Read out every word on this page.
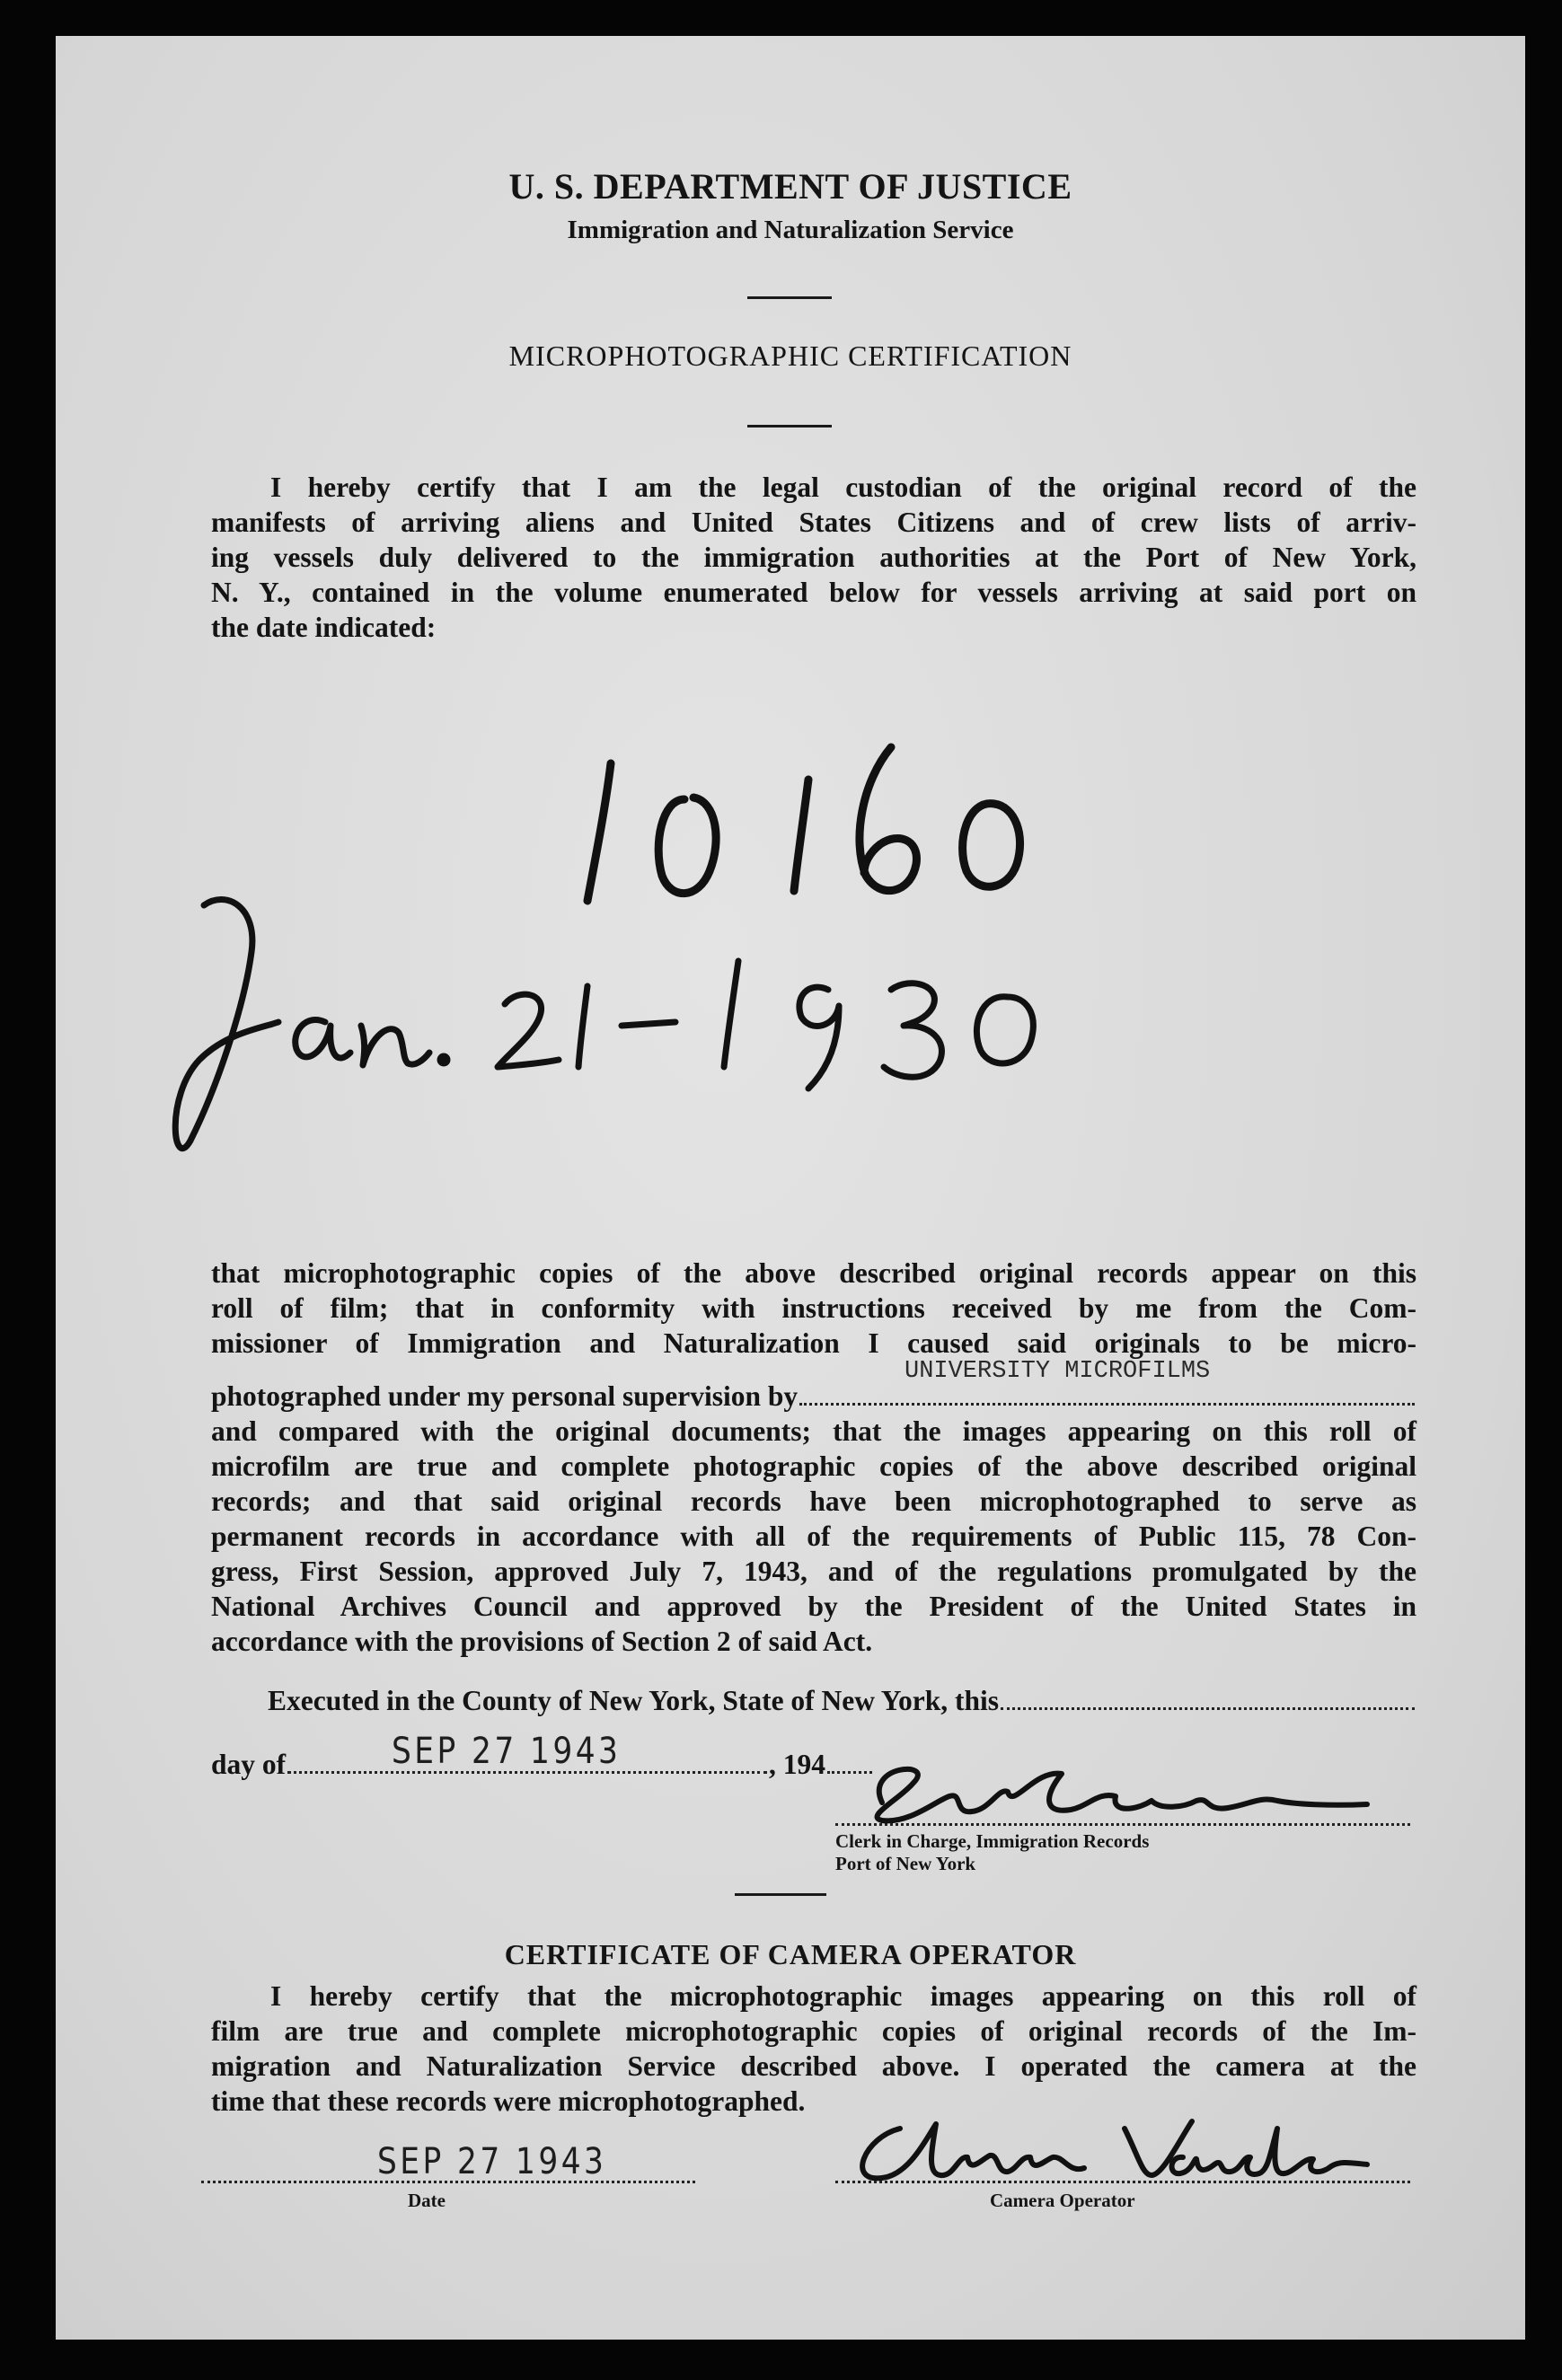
U. S. DEPARTMENT OF JUSTICE
Immigration and Naturalization Service
MICROPHOTOGRAPHIC CERTIFICATION
I hereby certify that I am the legal custodian of the original record of the
manifests of arriving aliens and United States Citizens and of crew lists of arriv-
ing vessels duly delivered to the immigration authorities at the Port of New York,
N. Y., contained in the volume enumerated below for vessels arriving at said port on
the date indicated:
that microphotographic copies of the above described original records appear on this
roll of film; that in conformity with instructions received by me from the Com-
missioner of Immigration and Naturalization I caused said originals to be micro-
photographed under my personal supervision by
UNIVERSITY MICROFILMS
and compared with the original documents; that the images appearing on this roll of
microfilm are true and complete photographic copies of the above described original
records; and that said original records have been microphotographed to serve as
permanent records in accordance with all of the requirements of Public 115, 78 Con-
gress, First Session, approved July 7, 1943, and of the regulations promulgated by the
National Archives Council and approved by the President of the United States in
accordance with the provisions of Section 2 of said Act.
Executed in the County of New York, State of New York, this
day of	, 194
SEP 27 1943
Clerk in Charge, Immigration Records
Port of New York
CERTIFICATE OF CAMERA OPERATOR
I hereby certify that the microphotographic images appearing on this roll of
film are true and complete microphotographic copies of original records of the Im-
migration and Naturalization Service described above. I operated the camera at the
time that these records were microphotographed.
SEP 27 1943
Date	Camera Operator
